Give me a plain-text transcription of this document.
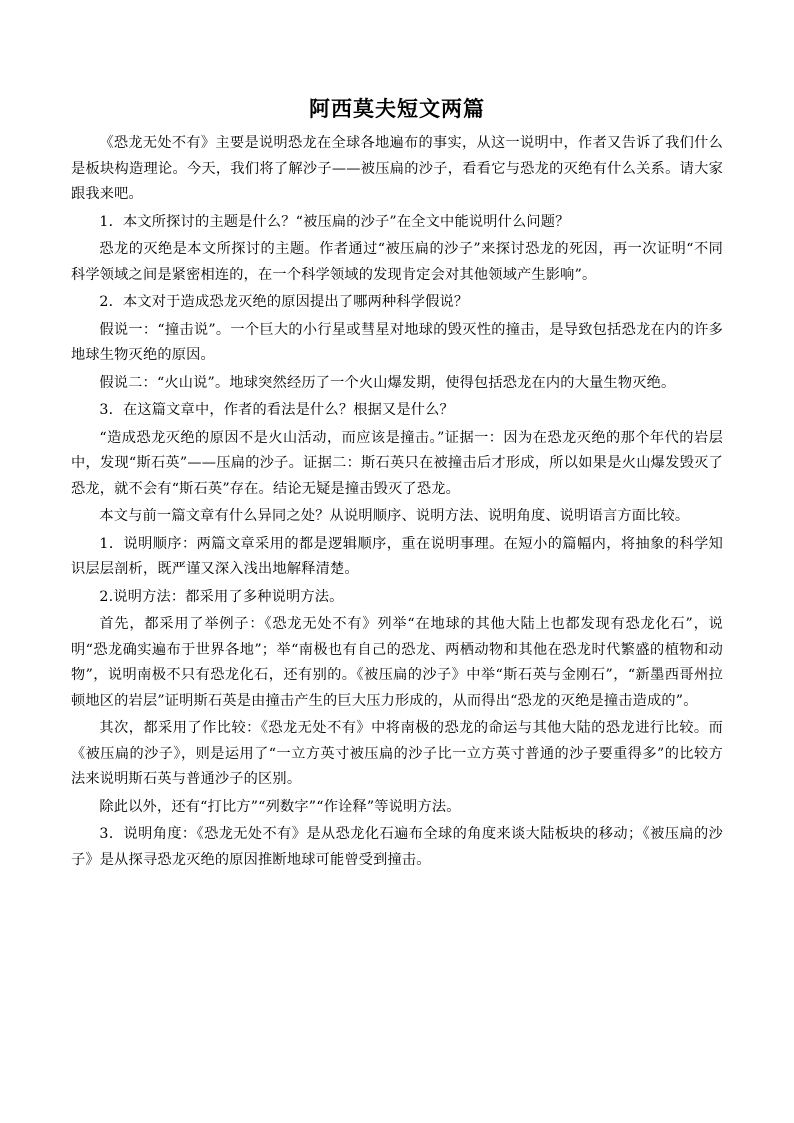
阿西莫夫短文两篇

《恐龙无处不有》主要是说明恐龙在全球各地遍布的事实，从这一说明中，作者又告诉了我们什么是板块构造理论。今天，我们将了解沙子——被压扁的沙子，看看它与恐龙的灭绝有什么关系。请大家跟我来吧。

1．本文所探讨的主题是什么？“被压扁的沙子”在全文中能说明什么问题？

恐龙的灭绝是本文所探讨的主题。作者通过“被压扁的沙子”来探讨恐龙的死因，再一次证明“不同科学领域之间是紧密相连的，在一个科学领域的发现肯定会对其他领域产生影响”。

2．本文对于造成恐龙灭绝的原因提出了哪两种科学假说？

假说一：“撞击说”。一个巨大的小行星或彗星对地球的毁灭性的撞击，是导致包括恐龙在内的许多地球生物灭绝的原因。

假说二：“火山说”。地球突然经历了一个火山爆发期，使得包括恐龙在内的大量生物灭绝。

3．在这篇文章中，作者的看法是什么？根据又是什么？

“造成恐龙灭绝的原因不是火山活动，而应该是撞击。”证据一：因为在恐龙灭绝的那个年代的岩层中，发现“斯石英”——压扁的沙子。证据二：斯石英只在被撞击后才形成，所以如果是火山爆发毁灭了恐龙，就不会有“斯石英”存在。结论无疑是撞击毁灭了恐龙。

本文与前一篇文章有什么异同之处？从说明顺序、说明方法、说明角度、说明语言方面比较。

1．说明顺序：两篇文章采用的都是逻辑顺序，重在说明事理。在短小的篇幅内，将抽象的科学知识层层剖析，既严谨又深入浅出地解释清楚。

2.说明方法：都采用了多种说明方法。

首先，都采用了举例子：《恐龙无处不有》列举“在地球的其他大陆上也都发现有恐龙化石”，说明“恐龙确实遍布于世界各地”；举“南极也有自己的恐龙、两栖动物和其他在恐龙时代繁盛的植物和动物”，说明南极不只有恐龙化石，还有别的。《被压扁的沙子》中举“斯石英与金刚石”，“新墨西哥州拉顿地区的岩层”证明斯石英是由撞击产生的巨大压力形成的，从而得出“恐龙的灭绝是撞击造成的”。

其次，都采用了作比较：《恐龙无处不有》中将南极的恐龙的命运与其他大陆的恐龙进行比较。而《被压扁的沙子》，则是运用了“一立方英寸被压扁的沙子比一立方英寸普通的沙子要重得多”的比较方法来说明斯石英与普通沙子的区别。

除此以外，还有“打比方”“列数字”“作诠释”等说明方法。

3．说明角度：《恐龙无处不有》是从恐龙化石遍布全球的角度来谈大陆板块的移动；《被压扁的沙子》是从探寻恐龙灭绝的原因推断地球可能曾受到撞击。
